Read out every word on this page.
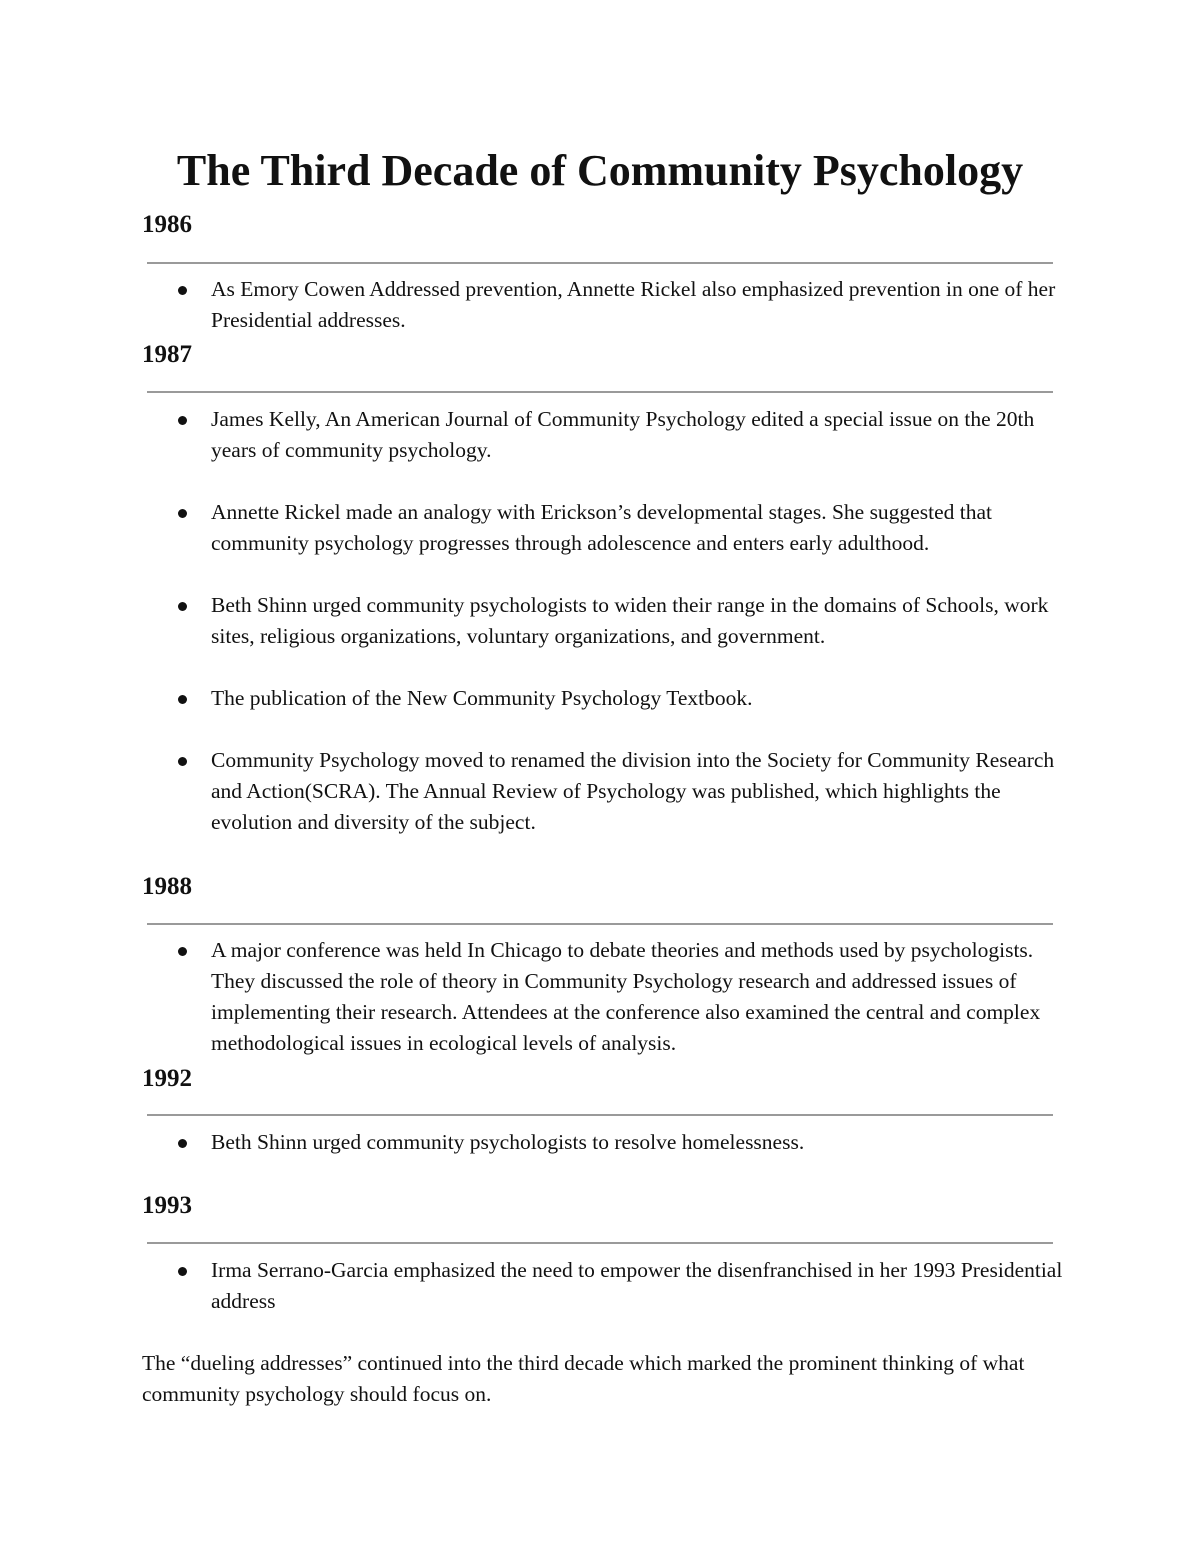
The Third Decade of Community Psychology
1986

As Emory Cowen Addressed prevention, Annette Rickel also emphasized prevention in one of her Presidential addresses.

1987

James Kelly, An American Journal of Community Psychology edited a special issue on the 20th years of community psychology.

Annette Rickel made an analogy with Erickson’s developmental stages. She suggested that community psychology progresses through adolescence and enters early adulthood.

Beth Shinn urged community psychologists to widen their range in the domains of Schools, work sites, religious organizations, voluntary organizations, and government.

The publication of the New Community Psychology Textbook.

Community Psychology moved to renamed the division into the Society for Community Research and Action(SCRA). The Annual Review of Psychology was published, which highlights the evolution and diversity of the subject.

1988

A major conference was held In Chicago to debate theories and methods used by psychologists. They discussed the role of theory in Community Psychology research and addressed issues of implementing their research. Attendees at the conference also examined the central and complex methodological issues in ecological levels of analysis.

1992

Beth Shinn urged community psychologists to resolve homelessness.

1993

Irma Serrano-Garcia emphasized the need to empower the disenfranchised in her 1993 Presidential address

The “dueling addresses” continued into the third decade which marked the prominent thinking of what community psychology should focus on.
